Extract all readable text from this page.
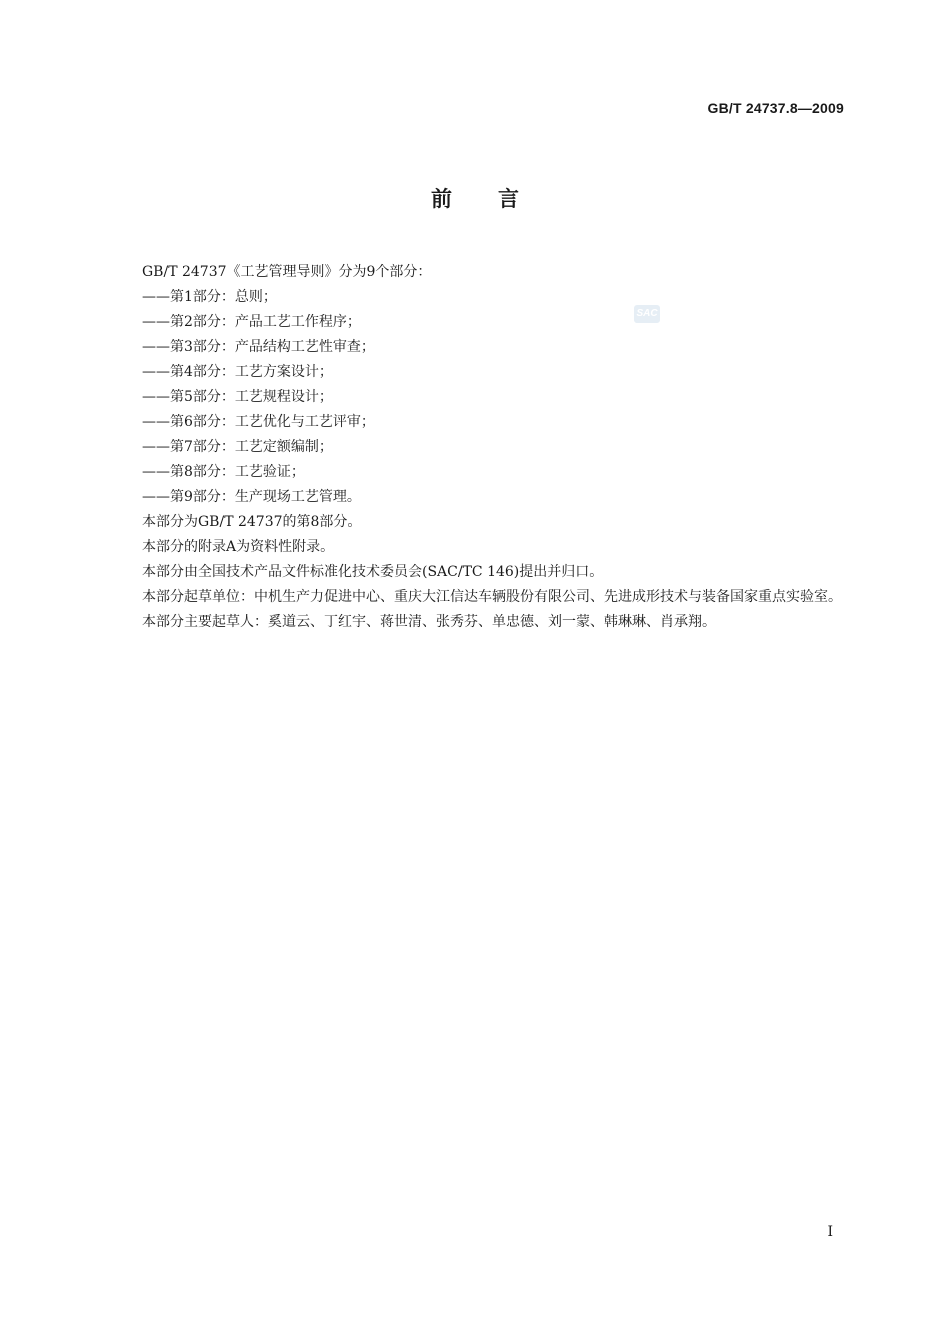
GB/T 24737.8—2009
前言
SAC

GB/T 24737《工艺管理导则》分为9个部分：

——第1部分：总则；
——第2部分：产品工艺工作程序；
——第3部分：产品结构工艺性审查；
——第4部分：工艺方案设计；
——第5部分：工艺规程设计；
——第6部分：工艺优化与工艺评审；
——第7部分：工艺定额编制；
——第8部分：工艺验证；
——第9部分：生产现场工艺管理。

本部分为GB/T 24737的第8部分。

本部分的附录A为资料性附录。

本部分由全国技术产品文件标准化技术委员会(SAC/TC 146)提出并归口。

本部分起草单位：中机生产力促进中心、重庆大江信达车辆股份有限公司、先进成形技术与装备国家重点实验室。

本部分主要起草人：奚道云、丁红宇、蒋世清、张秀芬、单忠德、刘一蒙、韩琳琳、肖承翔。

I
